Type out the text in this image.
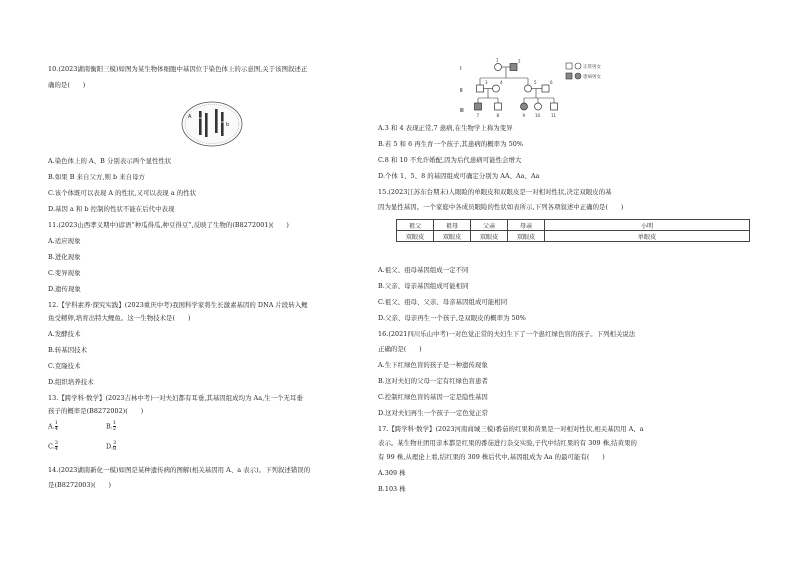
10.(2023湖南衡阳三模)如图为某生物体细胞中基因位于染色体上的示意图,关于该图叙述正
确的是(　　)
A
b
A.染色体上的 A、B 分别表示两个显性性状
B.如果 B 来自父方,则 b 来自母方
C.该个体既可以表现 A 的性状,又可以表现 a 的性状
D.基因 a 和 b 控制的性状不能在后代中表现
11.(2023山西孝义期中)谚语“种瓜得瓜,种豆得豆”,反映了生物的(B8272001)(　　)
A.适应现象
B.进化现象
C.变异现象
D.遗传现象
12.【学科素养·探究实践】(2023重庆中考)我国科学家将生长激素基因的 DNA 片段转入鲤
鱼受精卵,培育出特大鲤鱼。这一生物技术是(　　)
A.发酵技术
B.转基因技术
C.克隆技术
D.组织培养技术
13.【跨学科·数学】(2023吉林中考)一对夫妇都有耳垂,其基因组成均为 Aa,生一个无耳垂
孩子的概率是(B8272002)(　　)
A. $\frac{1}{4}$	B. $\frac{1}{2}$
C. $\frac{3}{4}$	D. $\frac{3}{8}$
14.(2023湖南新化一模)如图是某种遗传病的图解(相关基因用 A、a 表示)。下列叙述错误的
是(B8272003)(　　)
Ⅰ
Ⅱ
Ⅲ
1	2
3	4	5	6
7	8	9 10	11
正常男女
患病男女
A.3 和 4 表现正常,7 患病,在生物学上称为变异
B.若 5 和 6 再生育一个孩子,其患病的概率为 50%
C.8 和 10 不允许婚配,因为后代患病可能性会增大
D.个体 1、5、8 的基因组成可确定分别为 AA、Aa、Aa
15.(2023江苏东台期末)人眼睑的单眼皮和双眼皮是一对相对性状,决定双眼皮的基
因为显性基因。一个家庭中各成员眼睑的性状如表所示,下列各项叙述中正确的是(　　)
祖父	祖母	父亲	母亲	小明
双眼皮	双眼皮	双眼皮	双眼皮	单眼皮
A.祖父、祖母基因组成一定不同
B.父亲、母亲基因组成可能相同
C.祖父、祖母、父亲、母亲基因组成可能相同
D.父亲、母亲再生一个孩子,是双眼皮的概率为 50%
16.(2021四川乐山中考)一对色觉正常的夫妇生下了一个患红绿色盲的孩子。下列相关说法
正确的是(　　)
A.生下红绿色盲的孩子是一种遗传现象
B.这对夫妇的父母一定有红绿色盲患者
C.控制红绿色盲的基因一定是隐性基因
D.这对夫妇再生一个孩子一定色觉正常
17.【跨学科·数学】(2023河南商城三模)番茄的红果和黄果是一对相对性状,相关基因用 A、a
表示。某生物社团用亲本都是红果的番茄进行杂交实验,子代中结红果的有 309 株,结黄果的
有 99 株,从理论上看,结红果的 309 株后代中,基因组成为 Aa 的最可能有(　　)
A.309 株
B.103 株
